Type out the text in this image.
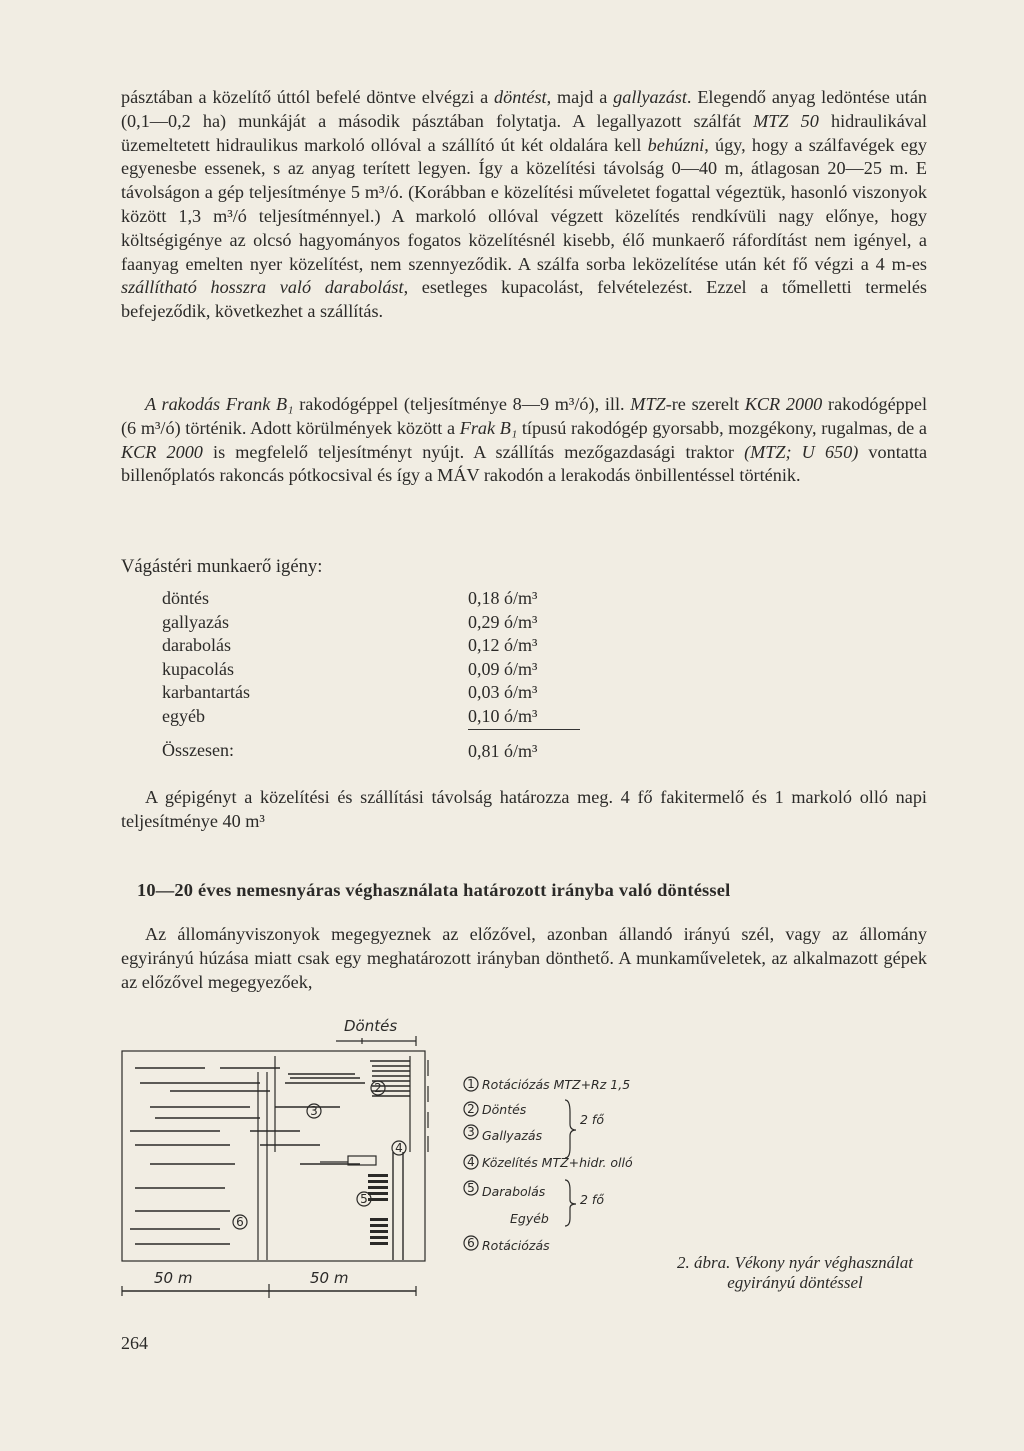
pásztában a közelítő úttól befelé döntve elvégzi a döntést, majd a gallyazást. Elegendő anyag ledöntése után (0,1—0,2 ha) munkáját a második pásztában folytatja. A legallyazott szálfát MTZ 50 hidraulikával üzemeltetett hidraulikus markoló ollóval a szállító út két oldalára kell behúzni, úgy, hogy a szálfavégek egy egyenesbe essenek, s az anyag terített legyen. Így a közelítési távolság 0—40 m, átlagosan 20—25 m. E távolságon a gép teljesítménye 5 m³/ó. (Korábban e közelítési műveletet fogattal végeztük, hasonló viszonyok között 1,3 m³/ó teljesítménnyel.) A markoló ollóval végzett közelítés rendkívüli nagy előnye, hogy költségigénye az olcsó hagyományos fogatos közelítésnél kisebb, élő munkaerő ráfordítást nem igényel, a faanyag emelten nyer közelítést, nem szennyeződik. A szálfa sorba leközelítése után két fő végzi a 4 m-es szállítható hosszra való darabolást, esetleges kupacolást, felvételezést. Ezzel a tőmelletti termelés befejeződik, következhet a szállítás.

A rakodás Frank B₁ rakodógéppel (teljesítménye 8—9 m³/ó), ill. MTZ-re szerelt KCR 2000 rakodógéppel (6 m³/ó) történik. Adott körülmények között a Frak B₁ típusú rakodógép gyorsabb, mozgékony, rugalmas, de a KCR 2000 is megfelelő teljesítményt nyújt. A szállítás mezőgazdasági traktor (MTZ; U 650) vontatta billenőplatós rakoncás pótkocsival és így a MÁV rakodón a lerakodás önbillentéssel történik.

Vágástéri munkaerő igény:

döntés	0,18 ó/m³
gallyazás	0,29 ó/m³
darabolás	0,12 ó/m³
kupacolás	0,09 ó/m³
karbantartás	0,03 ó/m³
egyéb	0,10 ó/m³
Összesen:	0,81 ó/m³

A gépigényt a közelítési és szállítási távolság határozza meg. 4 fő fakitermelő és 1 markoló olló napi teljesítménye 40 m³

10—20 éves nemesnyáras véghasználata határozott irányba való döntéssel

Az állományviszonyok megegyeznek az előzővel, azonban állandó irányú szél, vagy az állomány egyirányú húzása miatt csak egy meghatározott irányban dönthető. A munkaműveletek, az alkalmazott gépek az előzővel megegyezőek,

Döntés
50 m	50 m
2
3
4
5
6
1 Rotációzás MTZ+Rz 1,5
2 Döntés
3 Gallyazás
4 Közelítés MTZ+hidr. olló
5 Darabolás
Egyéb
6 Rotációzás
2 fő
2 fő
2. ábra. Vékony nyár véghasználat egyirányú döntéssel
264
